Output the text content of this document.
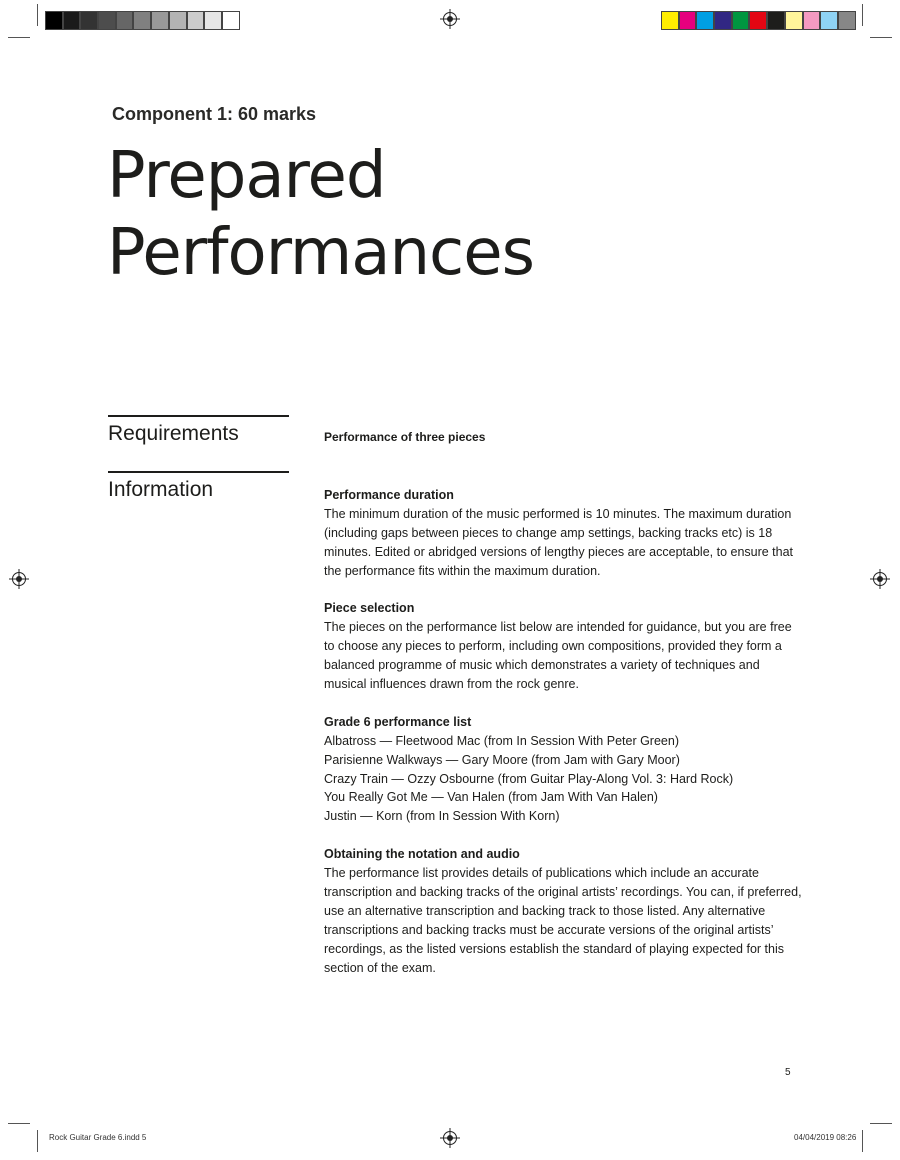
Component 1: 60 marks
Prepared
Performances
Requirements	Performance of three pieces
Information	Performance duration

The minimum duration of the music performed is 10 minutes. The maximum duration (including gaps between pieces to change amp settings, backing tracks etc) is 18 minutes. Edited or abridged versions of lengthy pieces are acceptable, to ensure that the performance fits within the maximum duration.

Piece selection

The pieces on the performance list below are intended for guidance, but you are free to choose any pieces to perform, including own compositions, provided they form a balanced programme of music which demonstrates a variety of techniques and musical influences drawn from the rock genre.

Grade 6 performance list
Albatross — Fleetwood Mac (from In Session With Peter Green)
Parisienne Walkways — Gary Moore (from Jam with Gary Moor)
Crazy Train — Ozzy Osbourne (from Guitar Play-Along Vol. 3: Hard Rock)
You Really Got Me — Van Halen (from Jam With Van Halen)
Justin — Korn (from In Session With Korn)
Obtaining the notation and audio

The performance list provides details of publications which include an accurate transcription and backing tracks of the original artists’ recordings. You can, if preferred, use an alternative transcription and backing track to those listed. Any alternative transcriptions and backing tracks must be accurate versions of the original artists’ recordings, as the listed versions establish the standard of playing expected for this section of the exam.

5
Rock Guitar Grade 6.indd 5	04/04/2019 08:26
